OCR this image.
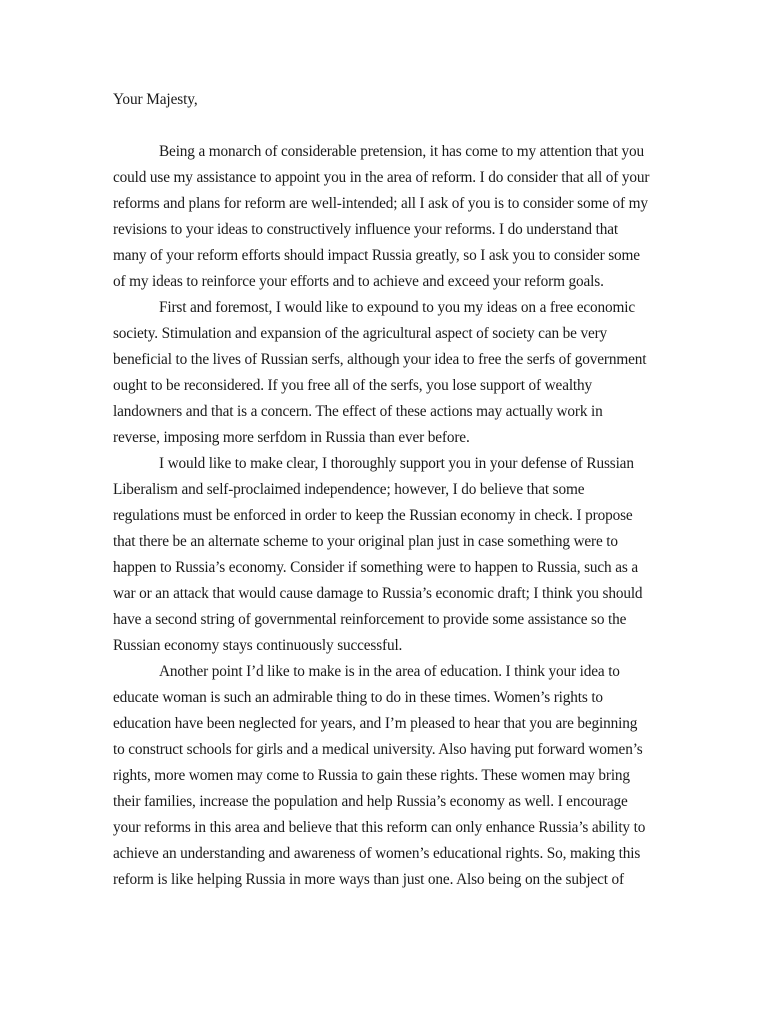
Your Majesty,

Being a monarch of considerable pretension, it has come to my attention that you

could use my assistance to appoint you in the area of reform. I do consider that all of your

reforms and plans for reform are well-intended; all I ask of you is to consider some of my

revisions to your ideas to constructively influence your reforms. I do understand that

many of your reform efforts should impact Russia greatly, so I ask you to consider some

of my ideas to reinforce your efforts and to achieve and exceed your reform goals.

First and foremost, I would like to expound to you my ideas on a free economic

society. Stimulation and expansion of the agricultural aspect of society can be very

beneficial to the lives of Russian serfs, although your idea to free the serfs of government

ought to be reconsidered. If you free all of the serfs, you lose support of wealthy

landowners and that is a concern. The effect of these actions may actually work in

reverse, imposing more serfdom in Russia than ever before.

I would like to make clear, I thoroughly support you in your defense of Russian

Liberalism and self-proclaimed independence; however, I do believe that some

regulations must be enforced in order to keep the Russian economy in check. I propose

that there be an alternate scheme to your original plan just in case something were to

happen to Russia’s economy. Consider if something were to happen to Russia, such as a

war or an attack that would cause damage to Russia’s economic draft; I think you should

have a second string of governmental reinforcement to provide some assistance so the

Russian economy stays continuously successful.

Another point I’d like to make is in the area of education. I think your idea to

educate woman is such an admirable thing to do in these times. Women’s rights to

education have been neglected for years, and I’m pleased to hear that you are beginning

to construct schools for girls and a medical university. Also having put forward women’s

rights, more women may come to Russia to gain these rights. These women may bring

their families, increase the population and help Russia’s economy as well. I encourage

your reforms in this area and believe that this reform can only enhance Russia’s ability to

achieve an understanding and awareness of women’s educational rights. So, making this

reform is like helping Russia in more ways than just one. Also being on the subject of
